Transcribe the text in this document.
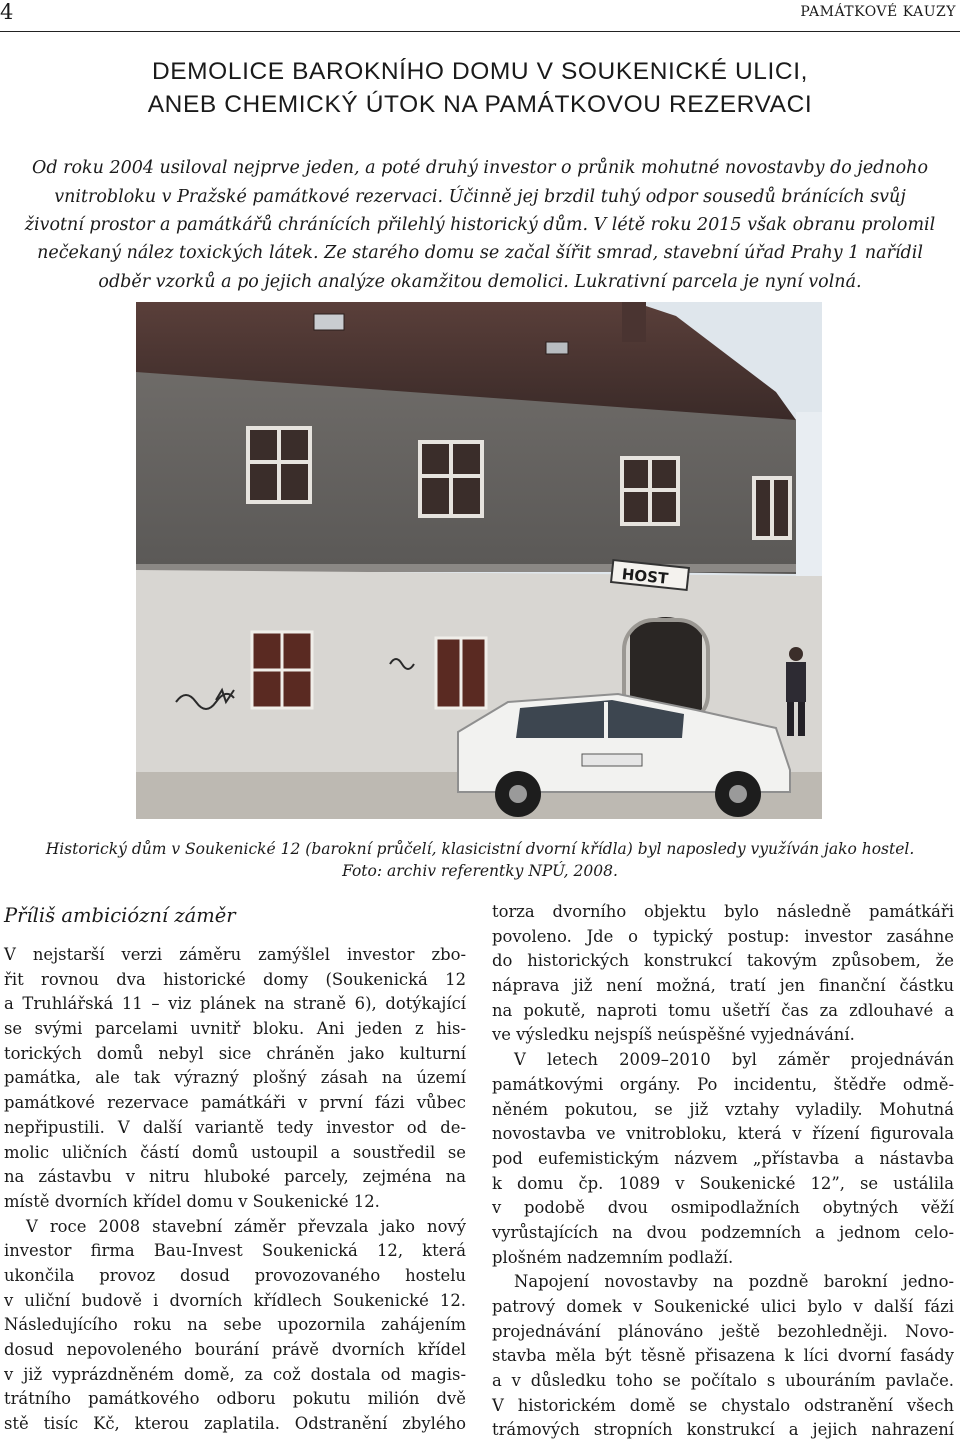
4	PAMÁTKOVÉ KAUZY
DEMOLICE BAROKNÍHO DOMU V SOUKENICKÉ ULICI,
ANEB CHEMICKÝ ÚTOK NA PAMÁTKOVOU REZERVACI
Od roku 2004 usiloval nejprve jeden, a poté druhý investor o průnik mohutné novostavby do jednoho
vnitrobloku v Pražské památkové rezervaci. Účinně jej brzdil tuhý odpor sousedů bránících svůj
životní prostor a památkářů chránících přilehlý historický dům. V létě roku 2015 však obranu prolomil
nečekaný nález toxických látek. Ze starého domu se začal šířit smrad, stavební úřad Prahy 1 nařídil
odběr vzorků a po jejich analýze okamžitou demolici. Lukrativní parcela je nyní volná.
HOST
Historický dům v Soukenické 12 (barokní průčelí, klasicistní dvorní křídla) byl naposledy využíván jako hostel.
Foto: archiv referentky NPÚ, 2008.
Příliš ambiciózní záměr
V nejstarší verzi záměru zamýšlel investor zbo-
řit rovnou dva historické domy (Soukenická 12
a Truhlářská 11 – viz plánek na straně 6), dotýkající
se svými parcelami uvnitř bloku. Ani jeden z his-
torických domů nebyl sice chráněn jako kulturní
památka, ale tak výrazný plošný zásah na území
památkové rezervace památkáři v první fázi vůbec
nepřipustili. V další variantě tedy investor od de-
molic uličních částí domů ustoupil a soustředil se
na zástavbu v nitru hluboké parcely, zejména na
místě dvorních křídel domu v Soukenické 12.
V roce 2008 stavební záměr převzala jako nový
investor firma Bau-Invest Soukenická 12, která
ukončila provoz dosud provozovaného hostelu
v uliční budově i dvorních křídlech Soukenické 12.
Následujícího roku na sebe upozornila zahájením
dosud nepovoleného bourání právě dvorních křídel
v již vyprázdněném domě, za což dostala od magis-
trátního památkového odboru pokutu milión dvě
stě tisíc Kč, kterou zaplatila. Odstranění zbylého
torza dvorního objektu bylo následně památkáři
povoleno. Jde o typický postup: investor zasáhne
do historických konstrukcí takovým způsobem, že
náprava již není možná, tratí jen finanční částku
na pokutě, naproti tomu ušetří čas za zdlouhavé a
ve výsledku nejspíš neúspěšné vyjednávání.
V letech 2009–2010 byl záměr projednáván
památkovými orgány. Po incidentu, štědře odmě-
něném pokutou, se již vztahy vyladily. Mohutná
novostavba ve vnitrobloku, která v řízení figurovala
pod eufemistickým názvem „přístavba a nástavba
k domu čp. 1089 v Soukenické 12”, se ustálila
v podobě dvou osmipodlažních obytných věží
vyrůstajících na dvou podzemních a jednom celo-
plošném nadzemním podlaží.
Napojení novostavby na pozdně barokní jedno-
patrový domek v Soukenické ulici bylo v další fázi
projednávání plánováno ještě bezohledněji. Novo-
stavba měla být těsně přisazena k líci dvorní fasády
a v důsledku toho se počítalo s ubouráním pavlače.
V historickém domě se chystalo odstranění všech
trámových stropních konstrukcí a jejich nahrazení
